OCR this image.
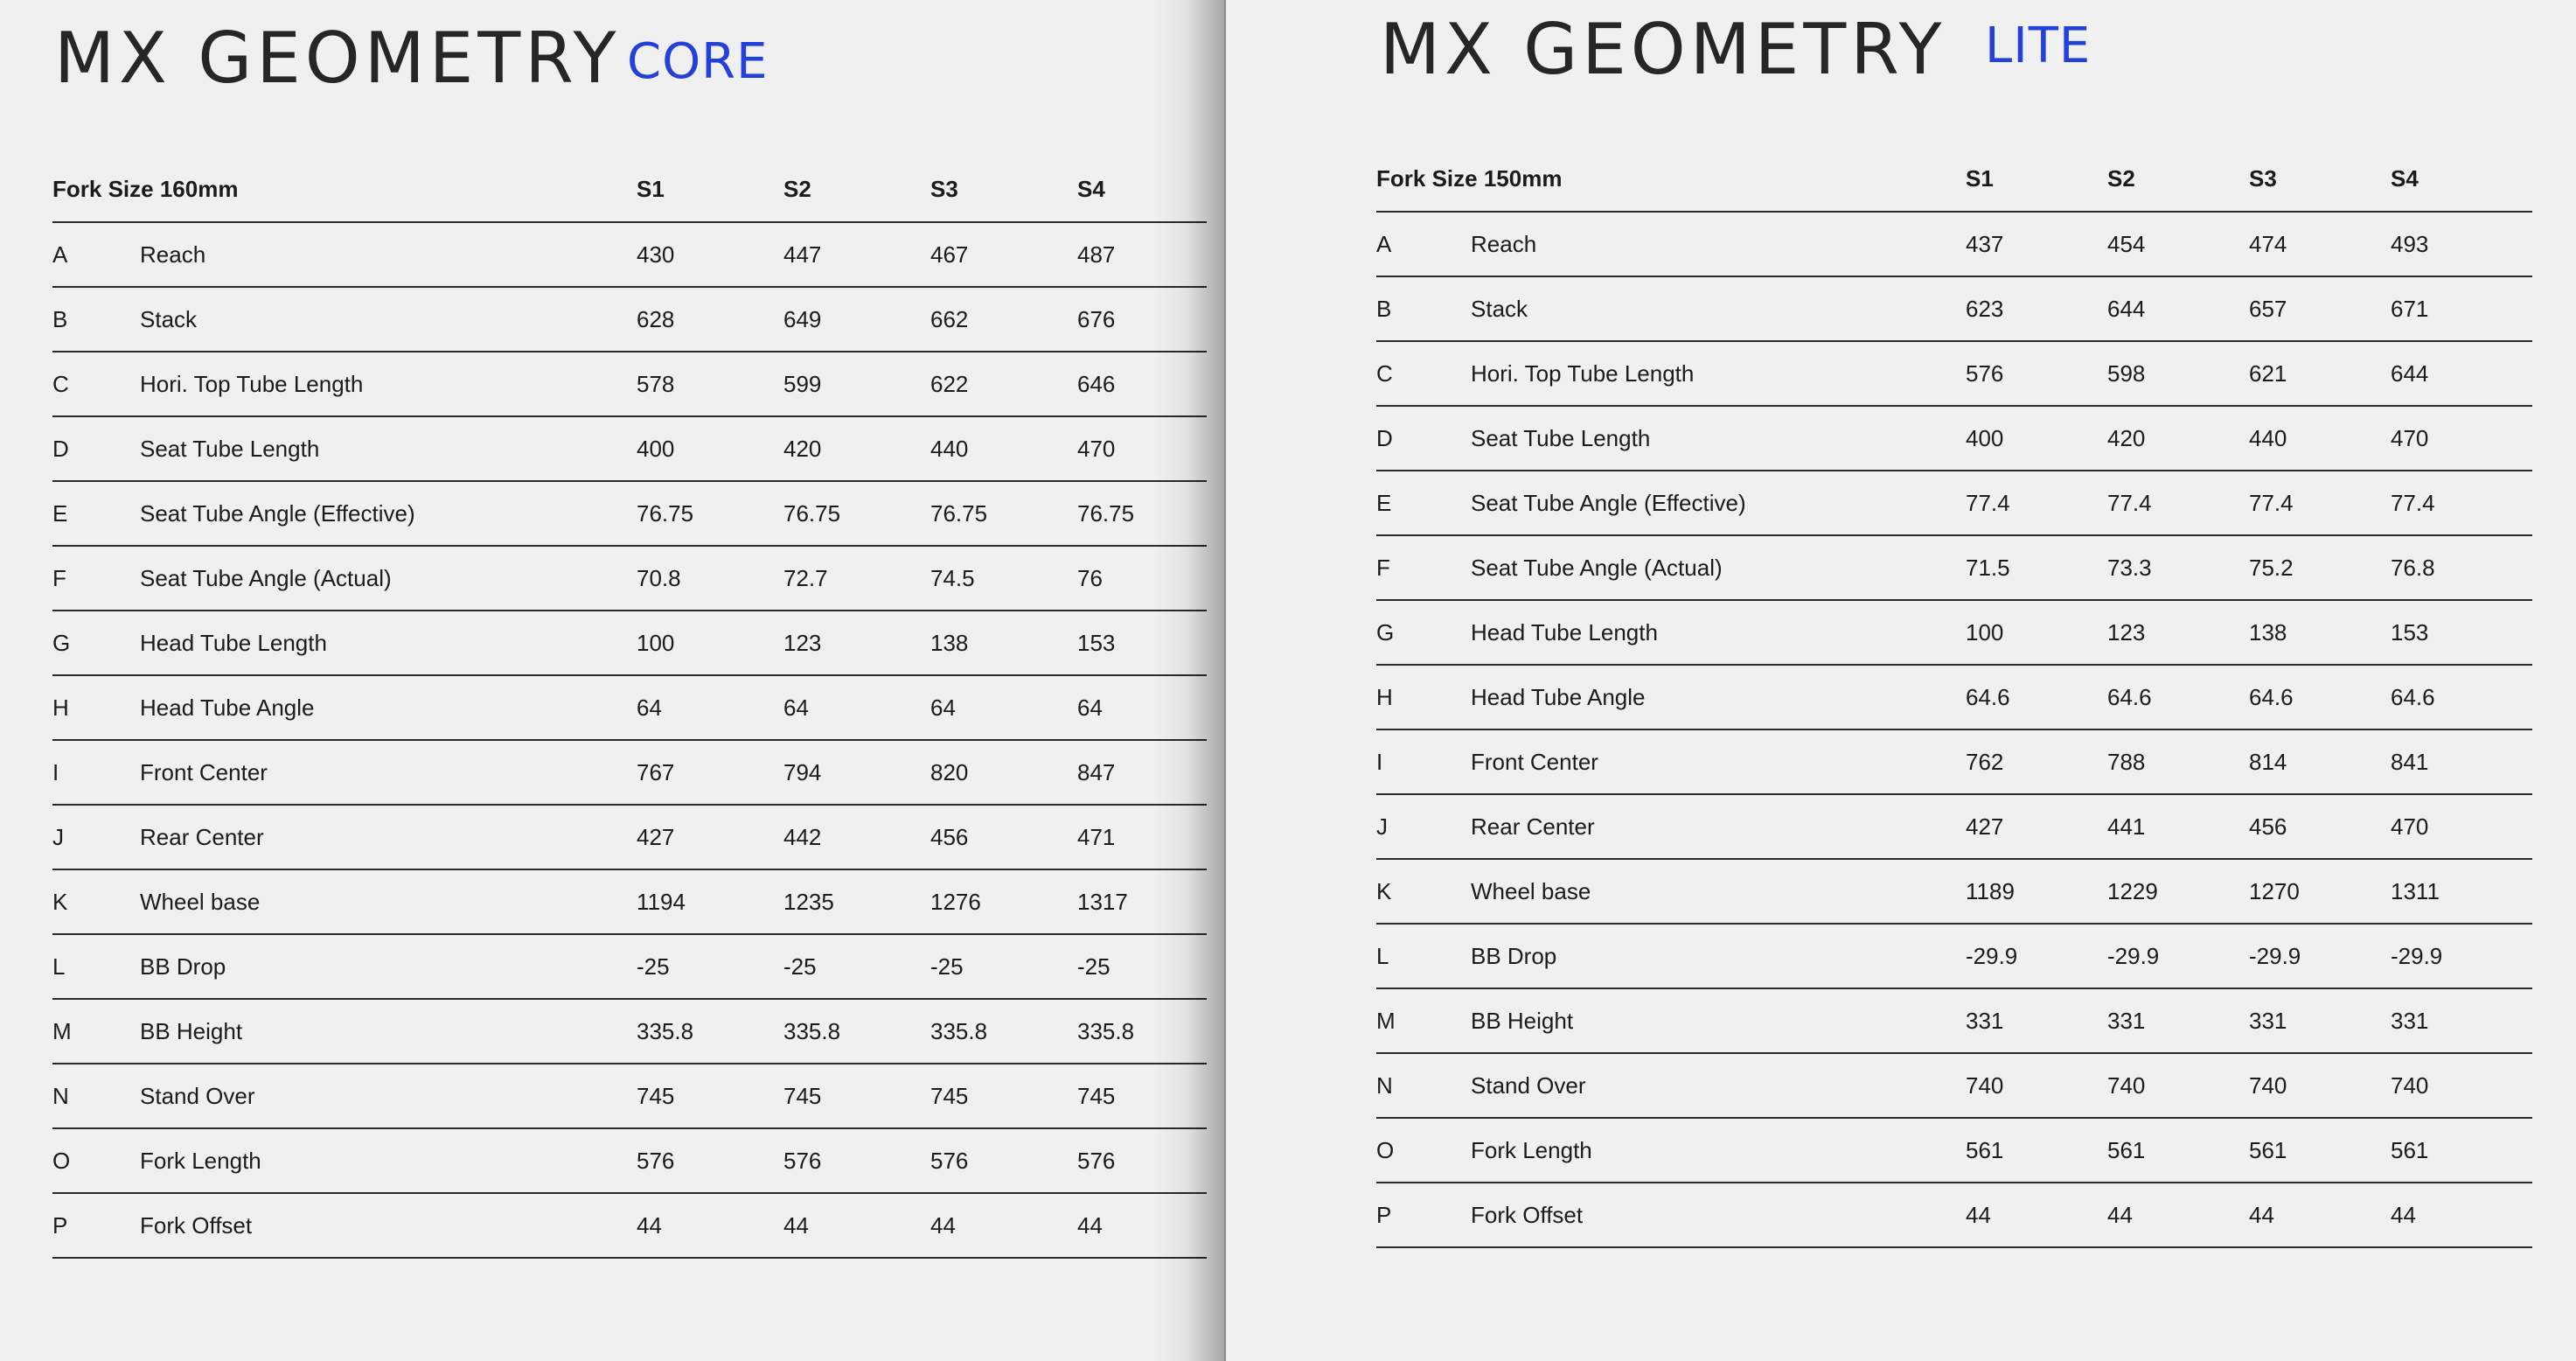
MX GEOMETRY CORE
Fork Size 160mm		S1	S2	S3	S4
A	Reach	430	447	467	487
B	Stack	628	649	662	676
C	Hori. Top Tube Length	578	599	622	646
D	Seat Tube Length	400	420	440	470
E	Seat Tube Angle (Effective)	76.75	76.75	76.75	76.75
F	Seat Tube Angle (Actual)	70.8	72.7	74.5	76
G	Head Tube Length	100	123	138	153
H	Head Tube Angle	64	64	64	64
I	Front Center	767	794	820	847
J	Rear Center	427	442	456	471
K	Wheel base	1194	1235	1276	1317
L	BB Drop	-25	-25	-25	-25
M	BB Height	335.8	335.8	335.8	335.8
N	Stand Over	745	745	745	745
O	Fork Length	576	576	576	576
P	Fork Offset	44	44	44	44
MX GEOMETRY LITE
Fork Size 150mm		S1	S2	S3	S4
A	Reach	437	454	474	493
B	Stack	623	644	657	671
C	Hori. Top Tube Length	576	598	621	644
D	Seat Tube Length	400	420	440	470
E	Seat Tube Angle (Effective)	77.4	77.4	77.4	77.4
F	Seat Tube Angle (Actual)	71.5	73.3	75.2	76.8
G	Head Tube Length	100	123	138	153
H	Head Tube Angle	64.6	64.6	64.6	64.6
I	Front Center	762	788	814	841
J	Rear Center	427	441	456	470
K	Wheel base	1189	1229	1270	1311
L	BB Drop	-29.9	-29.9	-29.9	-29.9
M	BB Height	331	331	331	331
N	Stand Over	740	740	740	740
O	Fork Length	561	561	561	561
P	Fork Offset	44	44	44	44
